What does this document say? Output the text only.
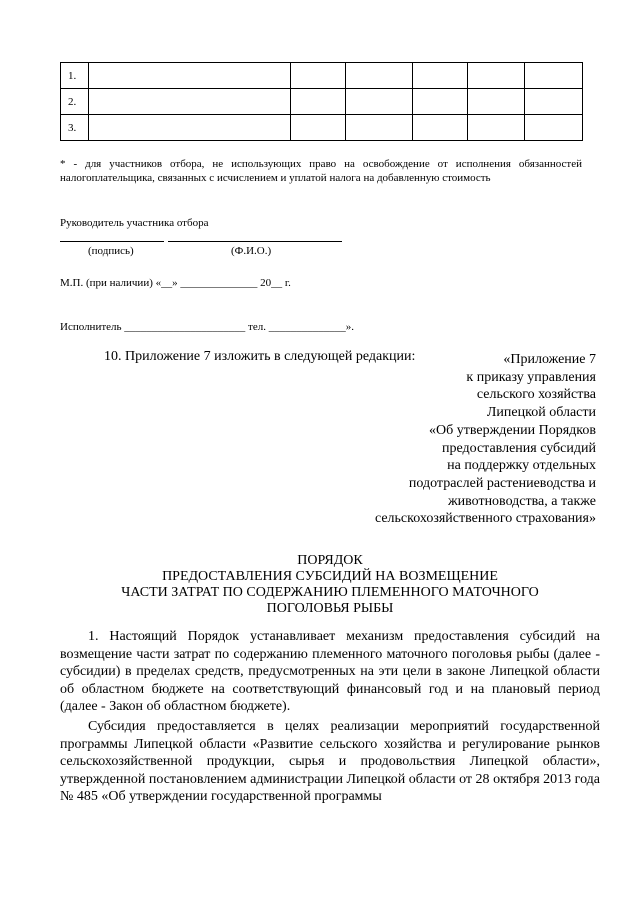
1.						
2.						
3.						
* - для участников отбора, не использующих право на освобождение от исполнения обязанностей налогоплательщика, связанных с исчислением и уплатой налога на добавленную стоимость
Руководитель участника отбора
(подпись)	(Ф.И.О.)
М.П. (при наличии) «__» ______________ 20__ г.
Исполнитель ______________________ тел. ______________».
10. Приложение 7 изложить в следующей редакции:	«Приложение 7
к приказу управления
сельского хозяйства
Липецкой области
«Об утверждении Порядков
предоставления субсидий
на поддержку отдельных
подотраслей растениеводства и
животноводства, а также
сельскохозяйственного страхования»
ПОРЯДОК
ПРЕДОСТАВЛЕНИЯ СУБСИДИЙ НА ВОЗМЕЩЕНИЕ
ЧАСТИ ЗАТРАТ ПО СОДЕРЖАНИЮ ПЛЕМЕННОГО МАТОЧНОГО
ПОГОЛОВЬЯ РЫБЫ
1. Настоящий Порядок устанавливает механизм предоставления субсидий на возмещение части затрат по содержанию племенного маточного поголовья рыбы (далее - субсидии) в пределах средств, предусмотренных на эти цели в законе Липецкой области об областном бюджете на соответствующий финансовый год и на плановый период (далее - Закон об областном бюджете).
Субсидия предоставляется в целях реализации мероприятий государственной программы Липецкой области «Развитие сельского хозяйства и регулирование рынков сельскохозяйственной продукции, сырья и продовольствия Липецкой области», утвержденной постановлением администрации Липецкой области от 28 октября 2013 года № 485 «Об утверждении государственной программы
